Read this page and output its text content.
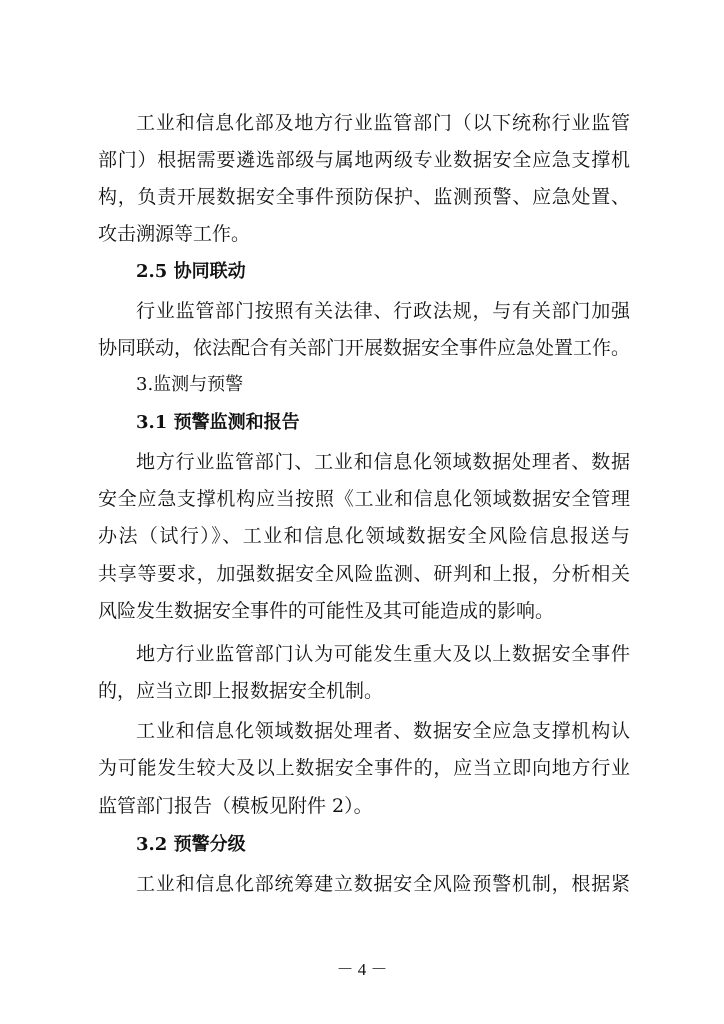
工业和信息化部及地方行业监管部门（以下统称行业监管
部门）根据需要遴选部级与属地两级专业数据安全应急支撑机
构，负责开展数据安全事件预防保护、监测预警、应急处置、
攻击溯源等工作。
2.5 协同联动
行业监管部门按照有关法律、行政法规，与有关部门加强
协同联动，依法配合有关部门开展数据安全事件应急处置工作。
3.监测与预警
3.1 预警监测和报告
地方行业监管部门、工业和信息化领域数据处理者、数据
安全应急支撑机构应当按照《工业和信息化领域数据安全管理
办法（试行）》、工业和信息化领域数据安全风险信息报送与
共享等要求，加强数据安全风险监测、研判和上报，分析相关
风险发生数据安全事件的可能性及其可能造成的影响。
地方行业监管部门认为可能发生重大及以上数据安全事件
的，应当立即上报数据安全机制。
工业和信息化领域数据处理者、数据安全应急支撑机构认
为可能发生较大及以上数据安全事件的，应当立即向地方行业
监管部门报告（模板见附件 2）。
3.2 预警分级
工业和信息化部统筹建立数据安全风险预警机制，根据紧
－ 4 －
